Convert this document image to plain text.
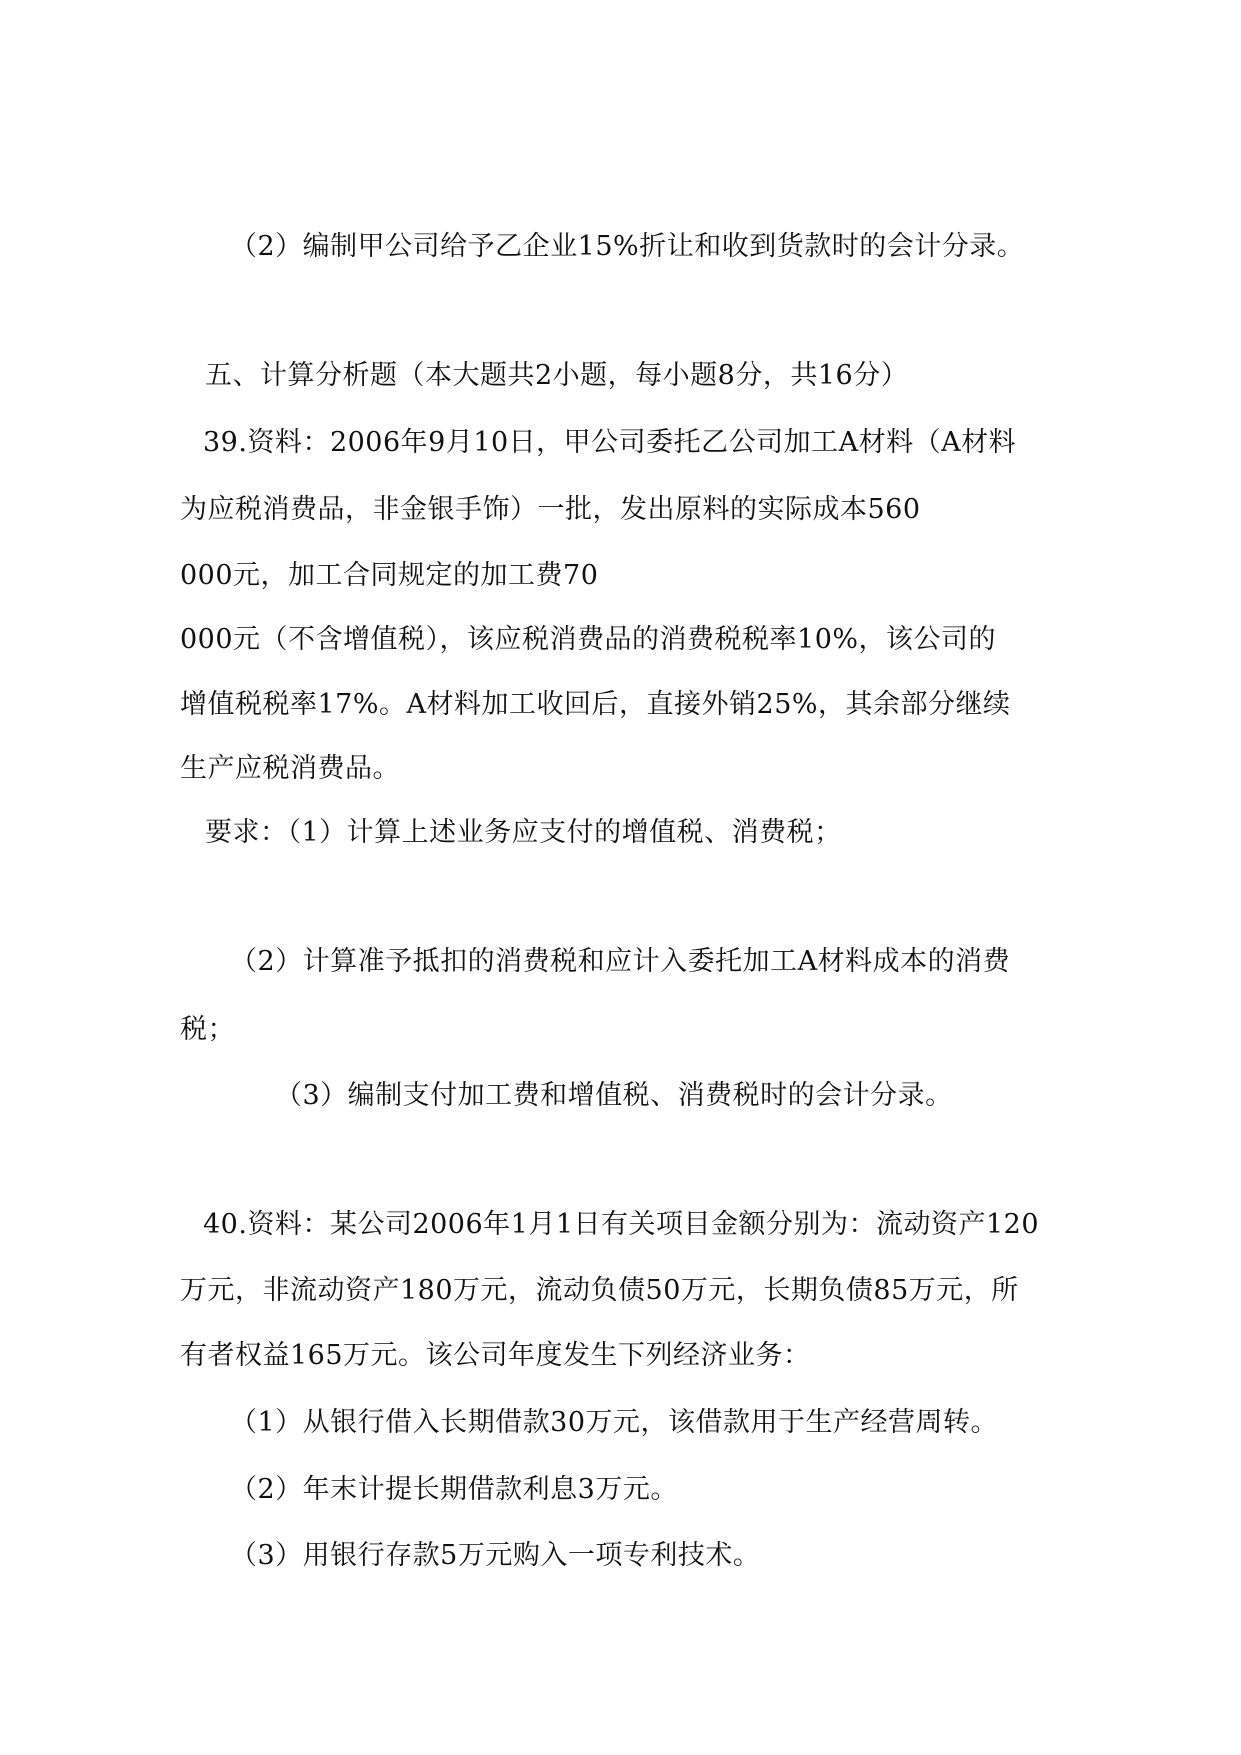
（2）编制甲公司给予乙企业15%折让和收到货款时的会计分录。
五、计算分析题（本大题共2小题，每小题8分，共16分）
39.资料：2006年9月10日，甲公司委托乙公司加工A材料（A材料
为应税消费品，非金银手饰）一批，发出原料的实际成本560
000元，加工合同规定的加工费70
000元（不含增值税），该应税消费品的消费税税率10%，该公司的
增值税税率17%。A材料加工收回后，直接外销25%，其余部分继续
生产应税消费品。
要求：（1）计算上述业务应支付的增值税、消费税；
（2）计算准予抵扣的消费税和应计入委托加工A材料成本的消费
税；
（3）编制支付加工费和增值税、消费税时的会计分录。
40.资料：某公司2006年1月1日有关项目金额分别为：流动资产120
万元，非流动资产180万元，流动负债50万元，长期负债85万元，所
有者权益165万元。该公司年度发生下列经济业务：
（1）从银行借入长期借款30万元，该借款用于生产经营周转。
（2）年末计提长期借款利息3万元。
（3）用银行存款5万元购入一项专利技术。
